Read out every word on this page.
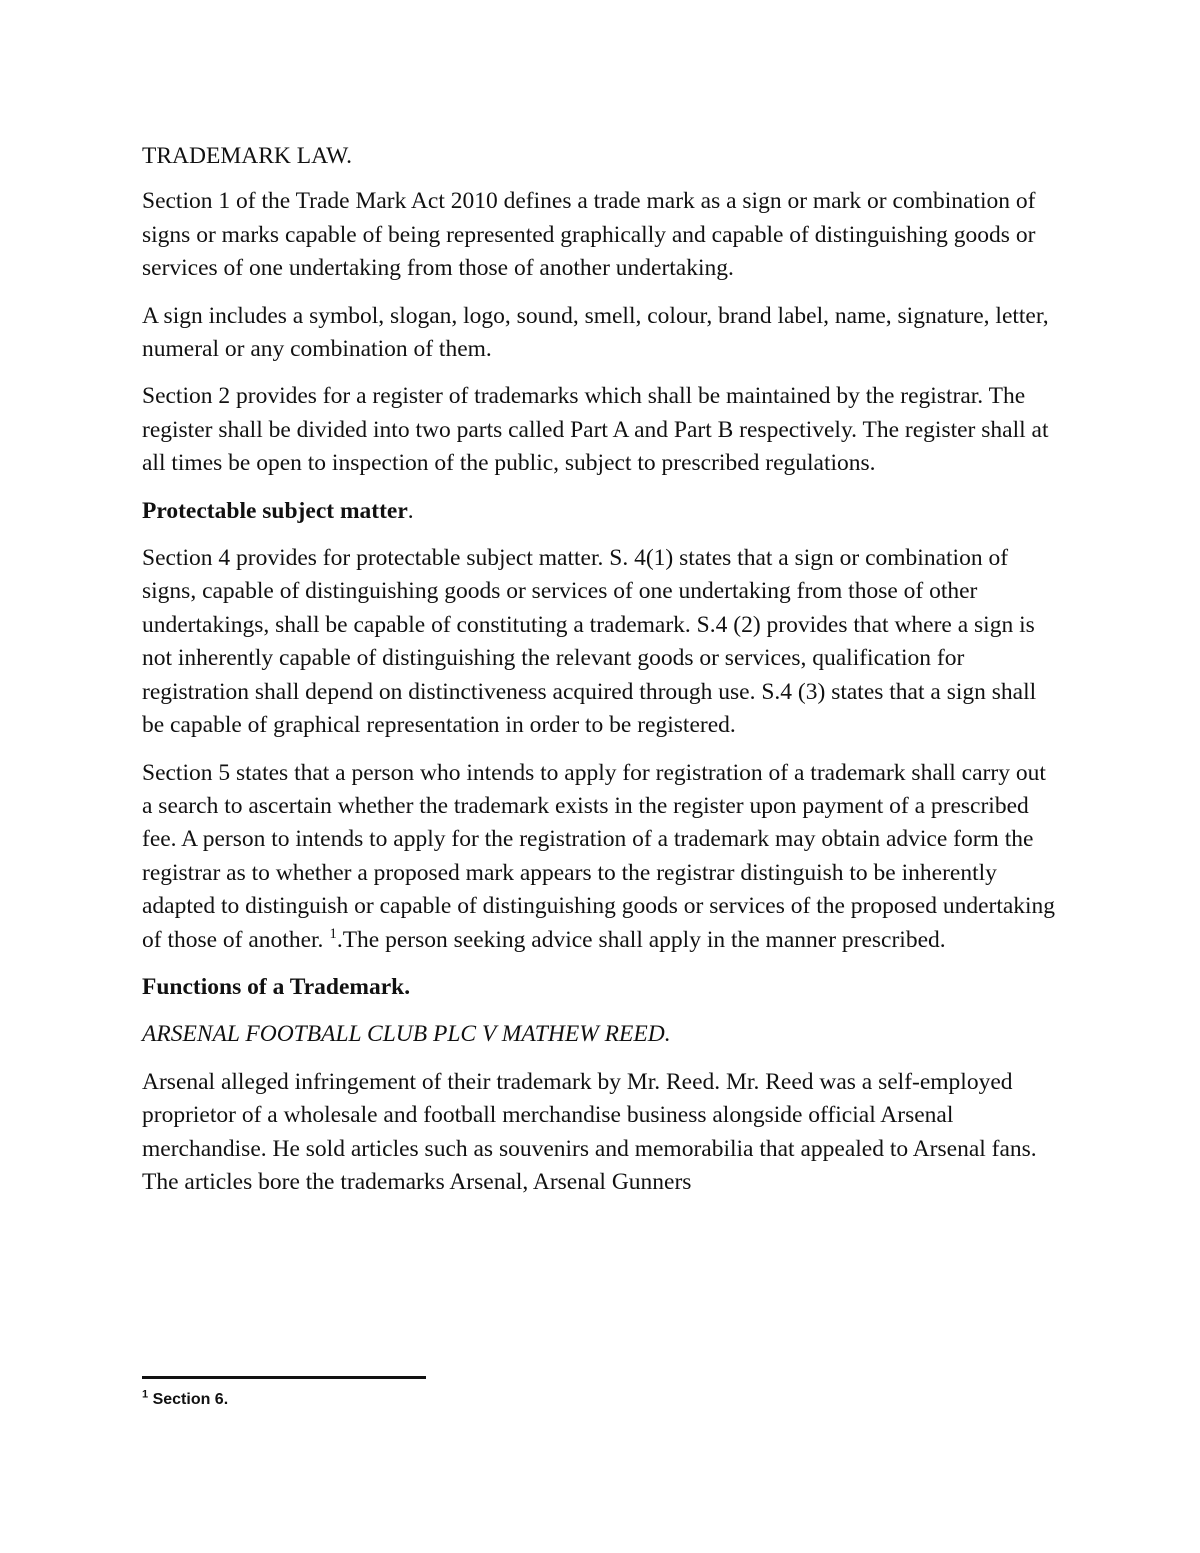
TRADEMARK LAW.

Section 1 of the Trade Mark Act 2010 defines a trade mark as a sign or mark or combination of signs or marks capable of being represented graphically and capable of distinguishing goods or services of one undertaking from those of another undertaking.

A sign includes a symbol, slogan, logo, sound, smell, colour, brand label, name, signature, letter, numeral or any combination of them.

Section 2 provides for a register of trademarks which shall be maintained by the registrar. The register shall be divided into two parts called Part A and Part B respectively. The register shall at all times be open to inspection of the public, subject to prescribed regulations.

Protectable subject matter.

Section 4 provides for protectable subject matter. S. 4(1) states that a sign or combination of signs, capable of distinguishing goods or services of one undertaking from those of other undertakings, shall be capable of constituting a trademark. S.4 (2) provides that where a sign is not inherently capable of distinguishing the relevant goods or services, qualification for registration shall depend on distinctiveness acquired through use. S.4 (3) states that a sign shall be capable of graphical representation in order to be registered.

Section 5 states that a person who intends to apply for registration of a trademark shall carry out a search to ascertain whether the trademark exists in the register upon payment of a prescribed fee. A person to intends to apply for the registration of a trademark may obtain advice form the registrar as to whether a proposed mark appears to the registrar distinguish to be inherently adapted to distinguish or capable of distinguishing goods or services of the proposed undertaking of those of another. $^1$.The person seeking advice shall apply in the manner prescribed.

Functions of a Trademark.

ARSENAL FOOTBALL CLUB PLC V MATHEW REED.

Arsenal alleged infringement of their trademark by Mr. Reed. Mr. Reed was a self-employed proprietor of a wholesale and football merchandise business alongside official Arsenal merchandise. He sold articles such as souvenirs and memorabilia that appealed to Arsenal fans. The articles bore the trademarks Arsenal, Arsenal Gunners

$^1$ Section 6.
